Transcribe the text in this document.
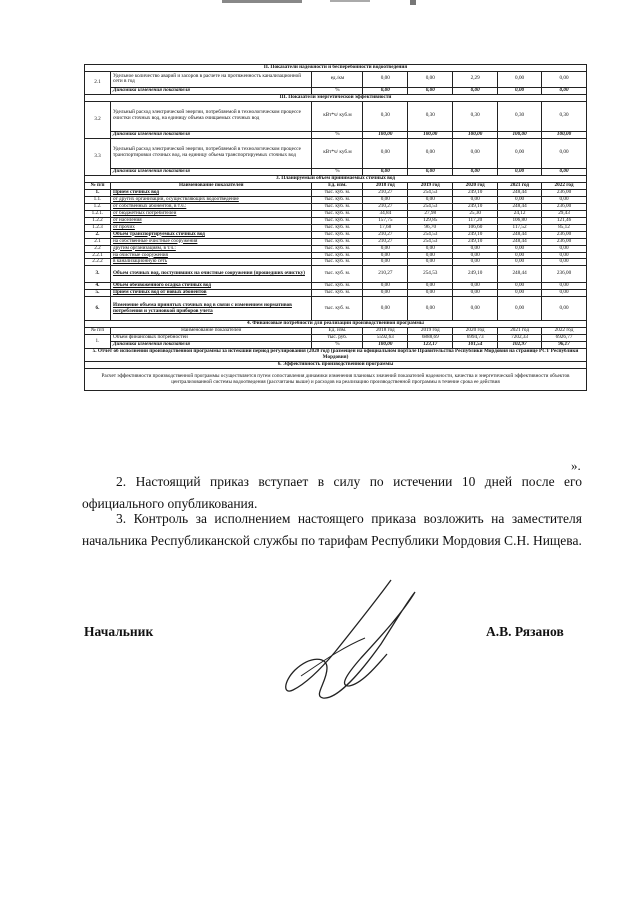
II. Показатели надежности и бесперебойности водоотведения							
2.1	Удельное количество аварий и засоров в расчете на протяженность канализационной сети в год	ед./км	0,00	0,00	2,29	0,00	0,00
	Динамика изменения показателя	%	0,00	0,00	0,00	0,00	0,00
III. Показатели энергетической эффективности							
3.2	Удельный расход электрической энергии, потребляемой в технологическом процессе очистки сточных вод, на единицу объема очищаемых сточных вод	кВт*ч/ куб.м	0,30	0,30	0,30	0,30	0,30
	Динамика изменения показателя	%	100,00	100,00	100,00	100,00	100,00
3.3	Удельный расход электрической энергии, потребляемой в технологическом процессе транспортировки сточных вод, на единицу объема транспортируемых сточных вод	кВт*ч/ куб.м	0,00	0,00	0,00	0,00	0,00
	Динамика изменения показателя	%	0,00	0,00	0,00	0,00	0,00
3. Планируемый объем принимаемых сточных вод							
№ п/п	Наименование показателей	Ед. изм.	2018 год	2019 год	2020 год	2021 год	2022 год
1.	Прием сточных вод	тыс. куб. м.	210,27	254,53	249,10	248,44	236,00
1.1.	от других организаций, осуществляющих водоотведение	тыс. куб. м.	0,00	0,00	0,00	0,00	0,00
1.2.	от собственных абонентов, в т.ч.:	тыс. куб. м.	210,27	254,53	249,10	248,44	236,00
1.2.1.	от бюджетных потребителей	тыс. куб. м.	34,84	27,98	25,30	24,12	29,43
1.2.2	от населения	тыс. куб. м.	157,75	129,85	117,20	106,80	121,46
1.2.3	от прочих	тыс. куб. м.	17,68	96,70	106,60	117,52	85,12
2.	Объем транспортируемых сточных вод	тыс. куб. м.	210,27	254,53	249,10	248,44	236,00
2.1	на собственные очистные сооружения	тыс. куб. м.	210,27	254,53	249,10	248,44	236,00
2.2	другим организациям, в т.ч.:	тыс. куб. м.	0,00	0,00	0,00	0,00	0,00
2.2.1	на очистные сооружения	тыс. куб. м.	0,00	0,00	0,00	0,00	0,00
2.2.2	в канализационную сеть	тыс. куб. м.	0,00	0,00	0,00	0,00	0,00
3.	Объем сточных вод, поступивших на очистные сооружения (прошедших очистку)	тыс. куб. м.	210,27	254,53	249,10	248,44	236,00
4.	Объем обезвоженного осадка сточных вод	тыс. куб. м.	0,00	0,00	0,00	0,00	0,00
5.	Прием сточных вод от новых абонентов	тыс. куб. м.	0,00	0,00	0,00	0,00	0,00
6.	Изменение объема принятых сточных вод в связи с изменением нормативов потребления и установкой приборов учета	тыс. куб. м.	0,00	0,00	0,00	0,00	0,00
4. Финансовые потребности для реализации производственной программы							
№ п/п	Наименование показателей	Ед. изм.	2018 год	2019 год	2020 год	2021 год	2022 год
1.	Объем финансовых потребностей	тыс. руб.	5592,63	6888,69	6994,73	7202,33	6926,77
	Динамика изменения показателя	%	100,00	123,17	101,54	102,97	96,17
5. Отчет об исполнении производственной программы за истекший период регулирования (2020 год) (размещен на официальном портале Правительства Республики Мордовия на странице РСТ Республики Мордовия)							
6. Эффективность производственной программы							
Расчет эффективности производственной программы осуществляется путем сопоставления динамики изменения плановых значений показателей надежности, качества и энергетической эффективности объектов централизованной системы водоотведения (рассчитаны выше) и расходов на реализацию производственной программы в течение срока ее действия							
».
2. Настоящий приказ вступает в силу по истечении 10 дней после его официального опубликования.
3. Контроль за исполнением настоящего приказа возложить на заместителя начальника Республиканской службы по тарифам Республики Мордовия С.Н. Нищева.
Начальник	А.В. Рязанов
